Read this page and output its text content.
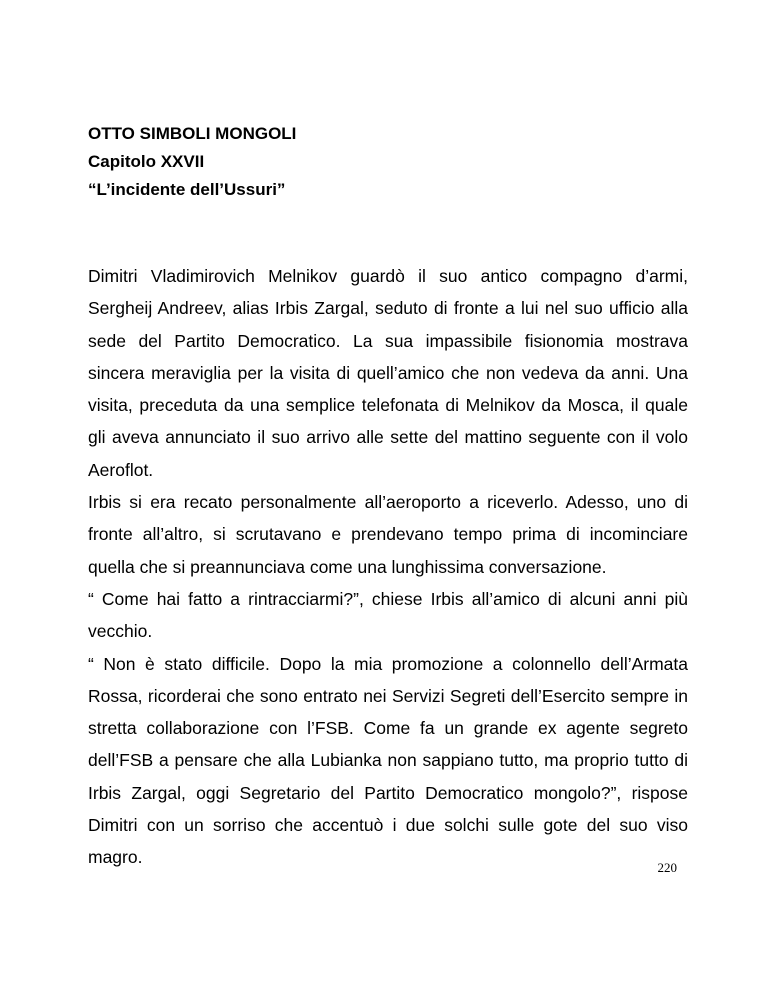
OTTO SIMBOLI MONGOLI

Capitolo XXVII

“L’incidente dell’Ussuri”

Dimitri Vladimirovich Melnikov guardò il suo antico compagno d’armi, Sergheij Andreev, alias Irbis Zargal, seduto di fronte a lui nel suo ufficio alla sede del Partito Democratico. La sua impassibile fisionomia mostrava sincera meraviglia per la visita di quell’amico che non vedeva da anni. Una visita, preceduta da una semplice telefonata di Melnikov da Mosca, il quale gli aveva annunciato il suo arrivo alle sette del mattino seguente con il volo Aeroflot.

Irbis si era recato personalmente all’aeroporto a riceverlo. Adesso, uno di fronte all’altro, si scrutavano e prendevano tempo prima di incominciare quella che si preannunciava come una lunghissima conversazione.

“ Come hai fatto a rintracciarmi?”, chiese Irbis all’amico di alcuni anni più vecchio.

“ Non è stato difficile. Dopo la mia promozione a colonnello dell’Armata Rossa, ricorderai che sono entrato nei Servizi Segreti dell’Esercito sempre in stretta collaborazione con l’FSB. Come fa un grande ex agente segreto dell’FSB a pensare che alla Lubianka non sappiano tutto, ma proprio tutto di Irbis Zargal, oggi Segretario del Partito Democratico mongolo?”, rispose Dimitri con un sorriso che accentuò i due solchi sulle gote del suo viso magro.

220
